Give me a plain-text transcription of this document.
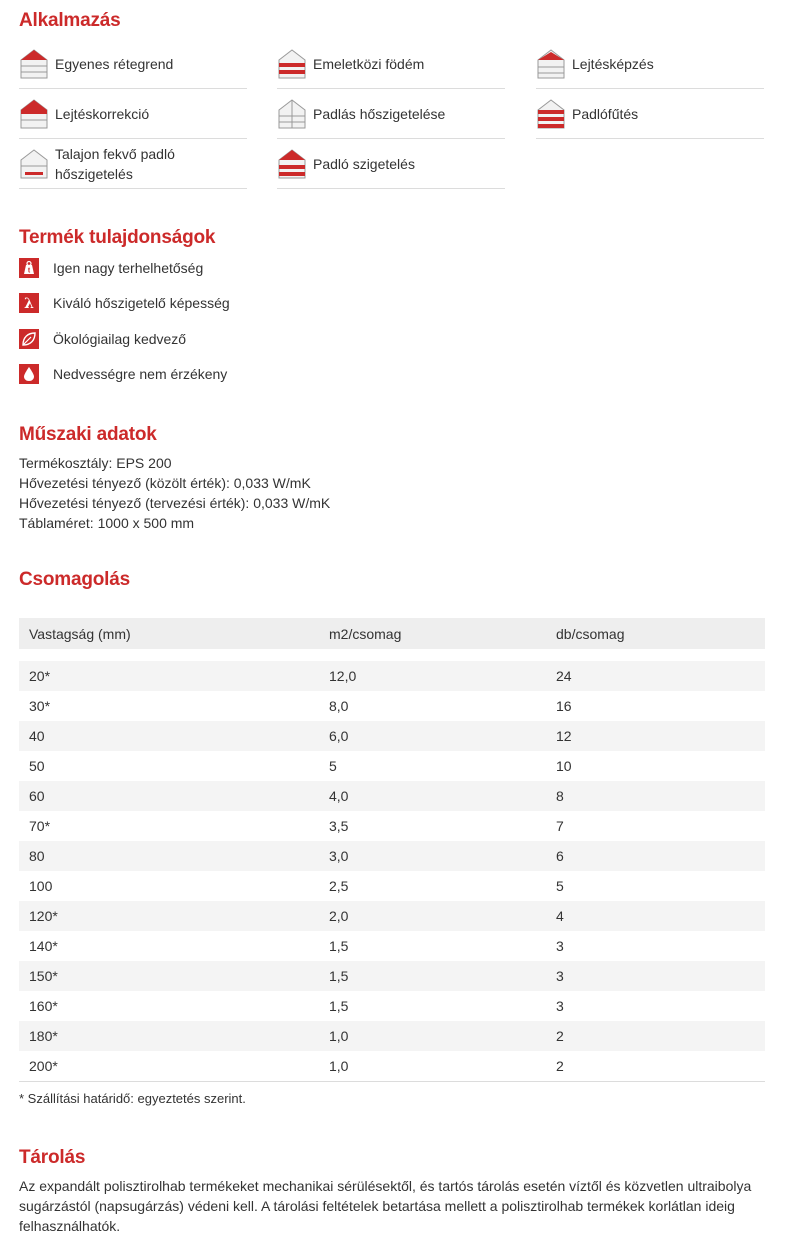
Alkalmazás
Egyenes rétegrend	Emeletközi födém	Lejtésképzés
Lejtéskorrekció	Padlás hőszigetelése	Padlófűtés
Talajon fekvő padló hőszigetelés
Padló szigetelés
Termék tulajdonságok
t Igen nagy terhelhetőség
λ Kiváló hőszigetelő képesség
Ökológiailag kedvező
Nedvességre nem érzékeny
Műszaki adatok

Termékosztály: EPS 200

Hővezetési tényező (közölt érték): 0,033 W/mK

Hővezetési tényező (tervezési érték): 0,033 W/mK

Táblaméret: 1000 x 500 mm

Csomagolás
Vastagság (mm)	m2/csomag	db/csomag

20*	12,0	24
30*	8,0	16
40	6,0	12
50	5	10
60	4,0	8
70*	3,5	7
80	3,0	6
100	2,5	5
120*	2,0	4
140*	1,5	3
150*	1,5	3
160*	1,5	3
180*	1,0	2
200*	1,0	2
* Szállítási határidő: egyeztetés szerint.
Tárolás

Az expandált polisztirolhab termékeket mechanikai sérülésektől, és tartós tárolás esetén víztől és közvetlen ultraibolya sugárzástól (napsugárzás) védeni kell. A tárolási feltételek betartása mellett a polisztirolhab termékek korlátlan ideig felhasználhatók.
